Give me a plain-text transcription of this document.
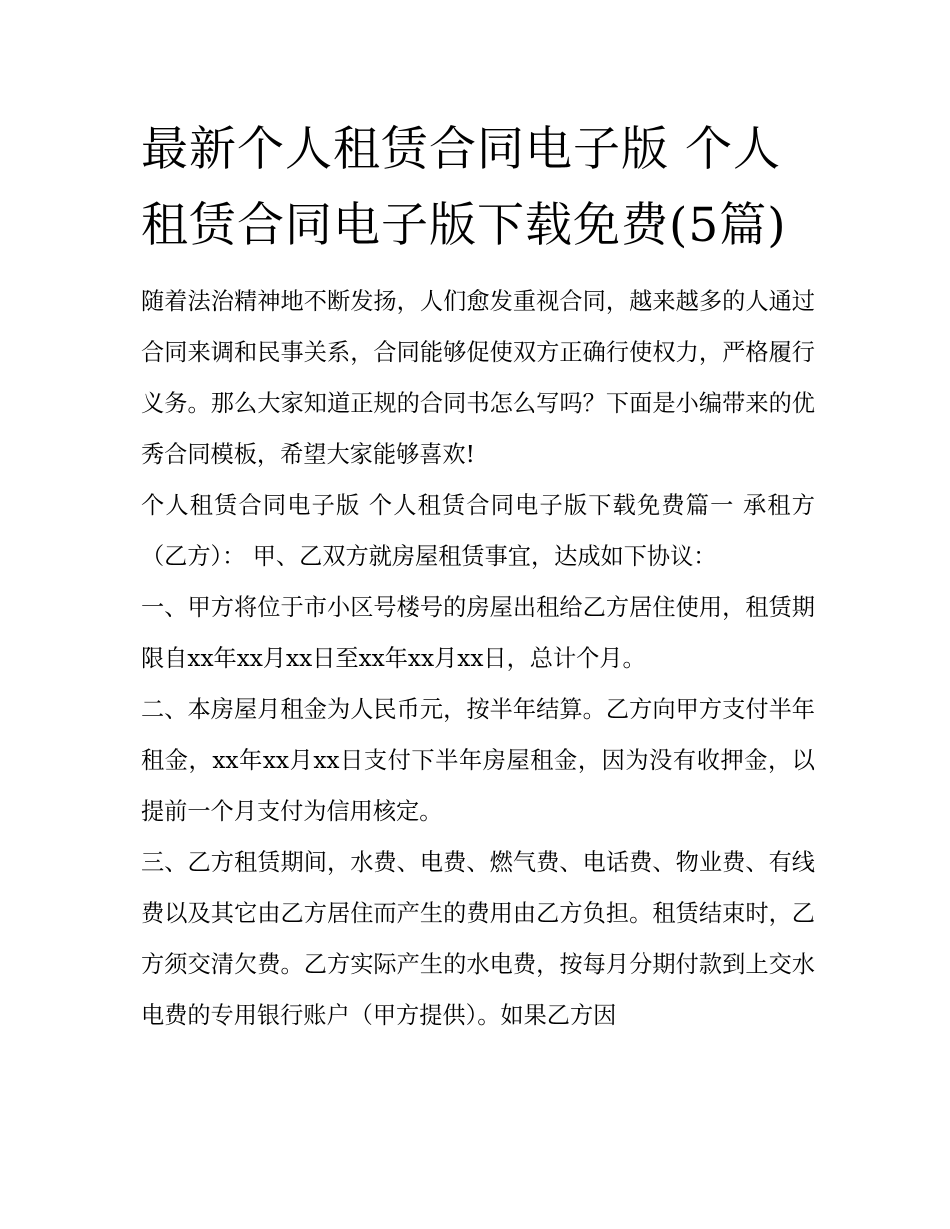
最新个人租赁合同电子版 个人租赁合同电子版下载免费(5篇)

随着法治精神地不断发扬，人们愈发重视合同，越来越多的人通过合同来调和民事关系，合同能够促使双方正确行使权力，严格履行义务。那么大家知道正规的合同书怎么写吗？下面是小编带来的优秀合同模板，希望大家能够喜欢!

个人租赁合同电子版 个人租赁合同电子版下载免费篇一 承租方（乙方）： 甲、乙双方就房屋租赁事宜，达成如下协议：

一、甲方将位于市小区号楼号的房屋出租给乙方居住使用，租赁期限自xx年xx月xx日至xx年xx月xx日，总计个月。

二、本房屋月租金为人民币元，按半年结算。乙方向甲方支付半年租金，xx年xx月xx日支付下半年房屋租金，因为没有收押金，以提前一个月支付为信用核定。

三、乙方租赁期间，水费、电费、燃气费、电话费、物业费、有线费以及其它由乙方居住而产生的费用由乙方负担。租赁结束时，乙方须交清欠费。乙方实际产生的水电费，按每月分期付款到上交水电费的专用银行账户（甲方提供）。如果乙方因
